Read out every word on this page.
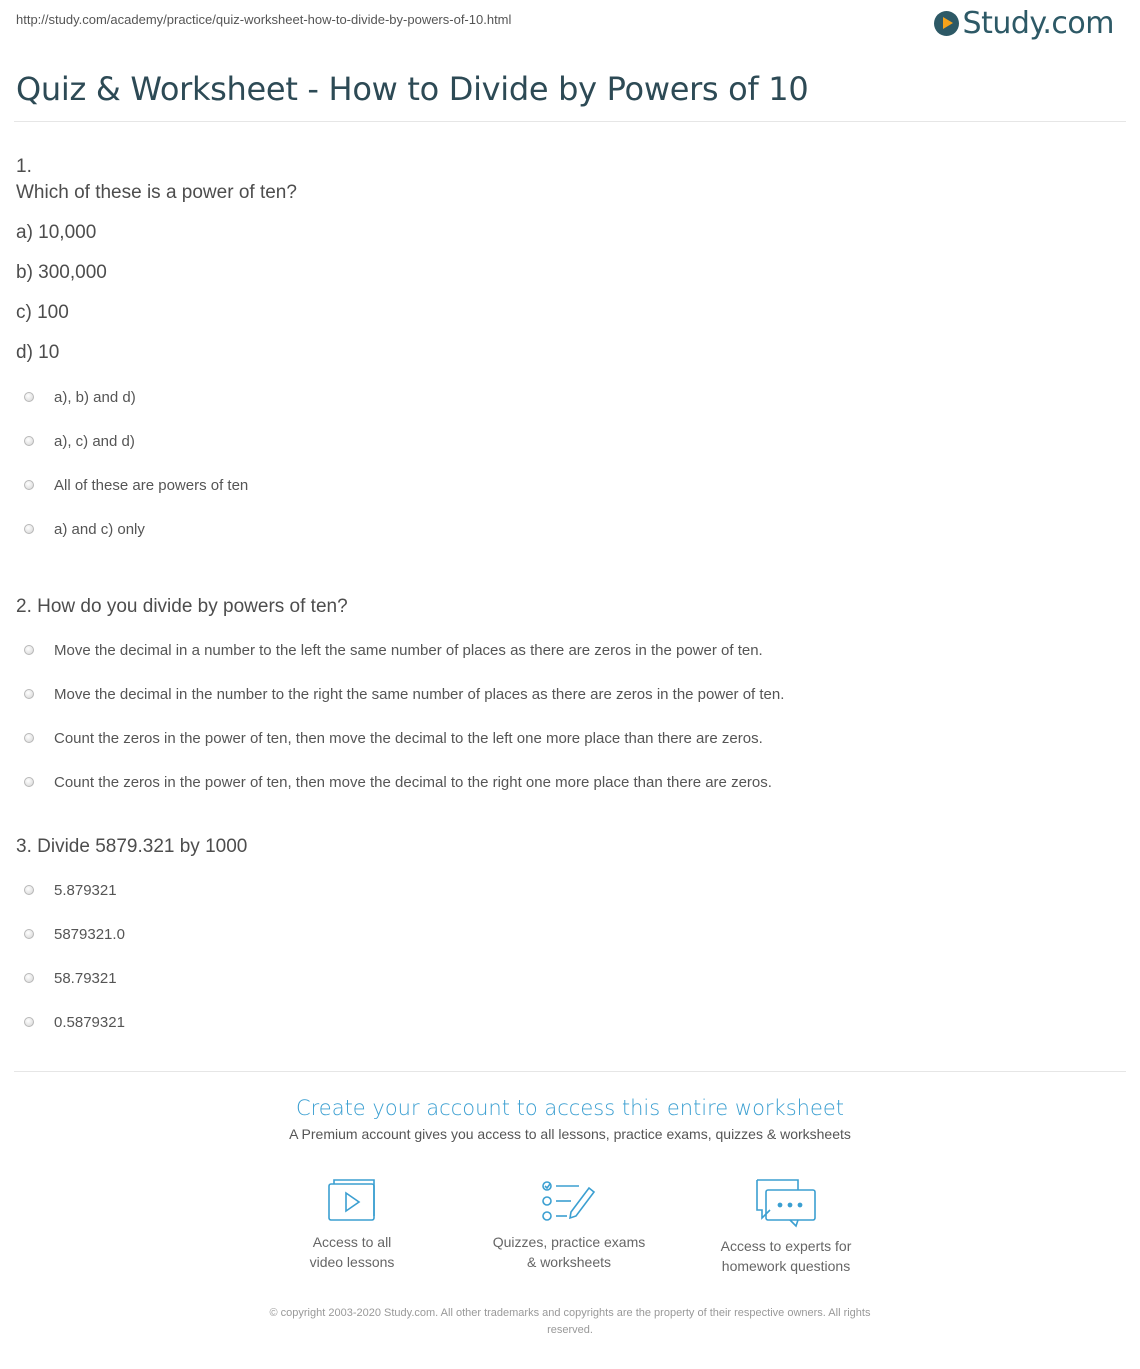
http://study.com/academy/practice/quiz-worksheet-how-to-divide-by-powers-of-10.html	Study.com
Quiz & Worksheet - How to Divide by Powers of 10
1.
Which of these is a power of ten?
a) 10,000
b) 300,000
c) 100
d) 10
a), b) and d)
a), c) and d)
All of these are powers of ten
a) and c) only
2. How do you divide by powers of ten?
Move the decimal in a number to the left the same number of places as there are zeros in the power of ten.
Move the decimal in the number to the right the same number of places as there are zeros in the power of ten.
Count the zeros in the power of ten, then move the decimal to the left one more place than there are zeros.
Count the zeros in the power of ten, then move the decimal to the right one more place than there are zeros.
3. Divide 5879.321 by 1000
5.879321
5879321.0
58.79321
0.5879321
Create your account to access this entire worksheet
A Premium account gives you access to all lessons, practice exams, quizzes & worksheets
Access to all
video lessons
Quizzes, practice exams
& worksheets
Access to experts for
homework questions
© copyright 2003-2020 Study.com. All other trademarks and copyrights are the property of their respective owners. All rights
reserved.
